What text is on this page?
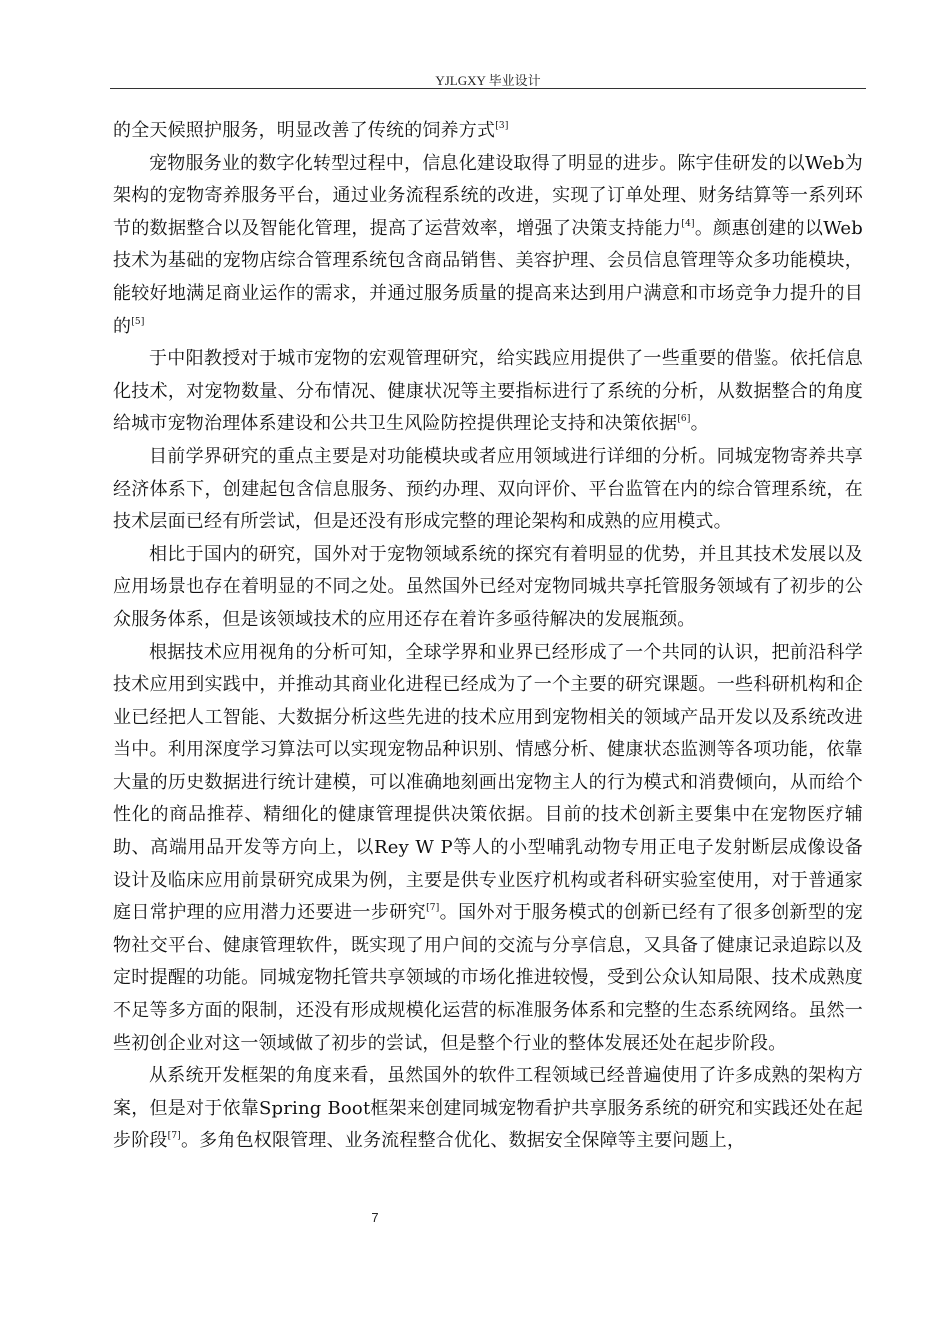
YJLGXY 毕业设计

的全天候照护服务，明显改善了传统的饲养方式[3]

宠物服务业的数字化转型过程中，信息化建设取得了明显的进步。陈宇佳研发的以Web为架构的宠物寄养服务平台，通过业务流程系统的改进，实现了订单处理、财务结算等一系列环节的数据整合以及智能化管理，提高了运营效率，增强了决策支持能力[4]。颜惠创建的以Web技术为基础的宠物店综合管理系统包含商品销售、美容护理、会员信息管理等众多功能模块，能较好地满足商业运作的需求，并通过服务质量的提高来达到用户满意和市场竞争力提升的目的[5]

于中阳教授对于城市宠物的宏观管理研究，给实践应用提供了一些重要的借鉴。依托信息化技术，对宠物数量、分布情况、健康状况等主要指标进行了系统的分析，从数据整合的角度给城市宠物治理体系建设和公共卫生风险防控提供理论支持和决策依据[6]。

目前学界研究的重点主要是对功能模块或者应用领域进行详细的分析。同城宠物寄养共享经济体系下，创建起包含信息服务、预约办理、双向评价、平台监管在内的综合管理系统，在技术层面已经有所尝试，但是还没有形成完整的理论架构和成熟的应用模式。

相比于国内的研究，国外对于宠物领域系统的探究有着明显的优势，并且其技术发展以及应用场景也存在着明显的不同之处。虽然国外已经对宠物同城共享托管服务领域有了初步的公众服务体系，但是该领域技术的应用还存在着许多亟待解决的发展瓶颈。

根据技术应用视角的分析可知，全球学界和业界已经形成了一个共同的认识，把前沿科学技术应用到实践中，并推动其商业化进程已经成为了一个主要的研究课题。一些科研机构和企业已经把人工智能、大数据分析这些先进的技术应用到宠物相关的领域产品开发以及系统改进当中。利用深度学习算法可以实现宠物品种识别、情感分析、健康状态监测等各项功能，依靠大量的历史数据进行统计建模，可以准确地刻画出宠物主人的行为模式和消费倾向，从而给个性化的商品推荐、精细化的健康管理提供决策依据。目前的技术创新主要集中在宠物医疗辅助、高端用品开发等方向上，以Rey W P等人的小型哺乳动物专用正电子发射断层成像设备设计及临床应用前景研究成果为例，主要是供专业医疗机构或者科研实验室使用，对于普通家庭日常护理的应用潜力还要进一步研究[7]。国外对于服务模式的创新已经有了很多创新型的宠物社交平台、健康管理软件，既实现了用户间的交流与分享信息，又具备了健康记录追踪以及定时提醒的功能。同城宠物托管共享领域的市场化推进较慢，受到公众认知局限、技术成熟度不足等多方面的限制，还没有形成规模化运营的标准服务体系和完整的生态系统网络。虽然一些初创企业对这一领域做了初步的尝试，但是整个行业的整体发展还处在起步阶段。

从系统开发框架的角度来看，虽然国外的软件工程领域已经普遍使用了许多成熟的架构方案，但是对于依靠Spring Boot框架来创建同城宠物看护共享服务系统的研究和实践还处在起步阶段[7]。多角色权限管理、业务流程整合优化、数据安全保障等主要问题上，

7
